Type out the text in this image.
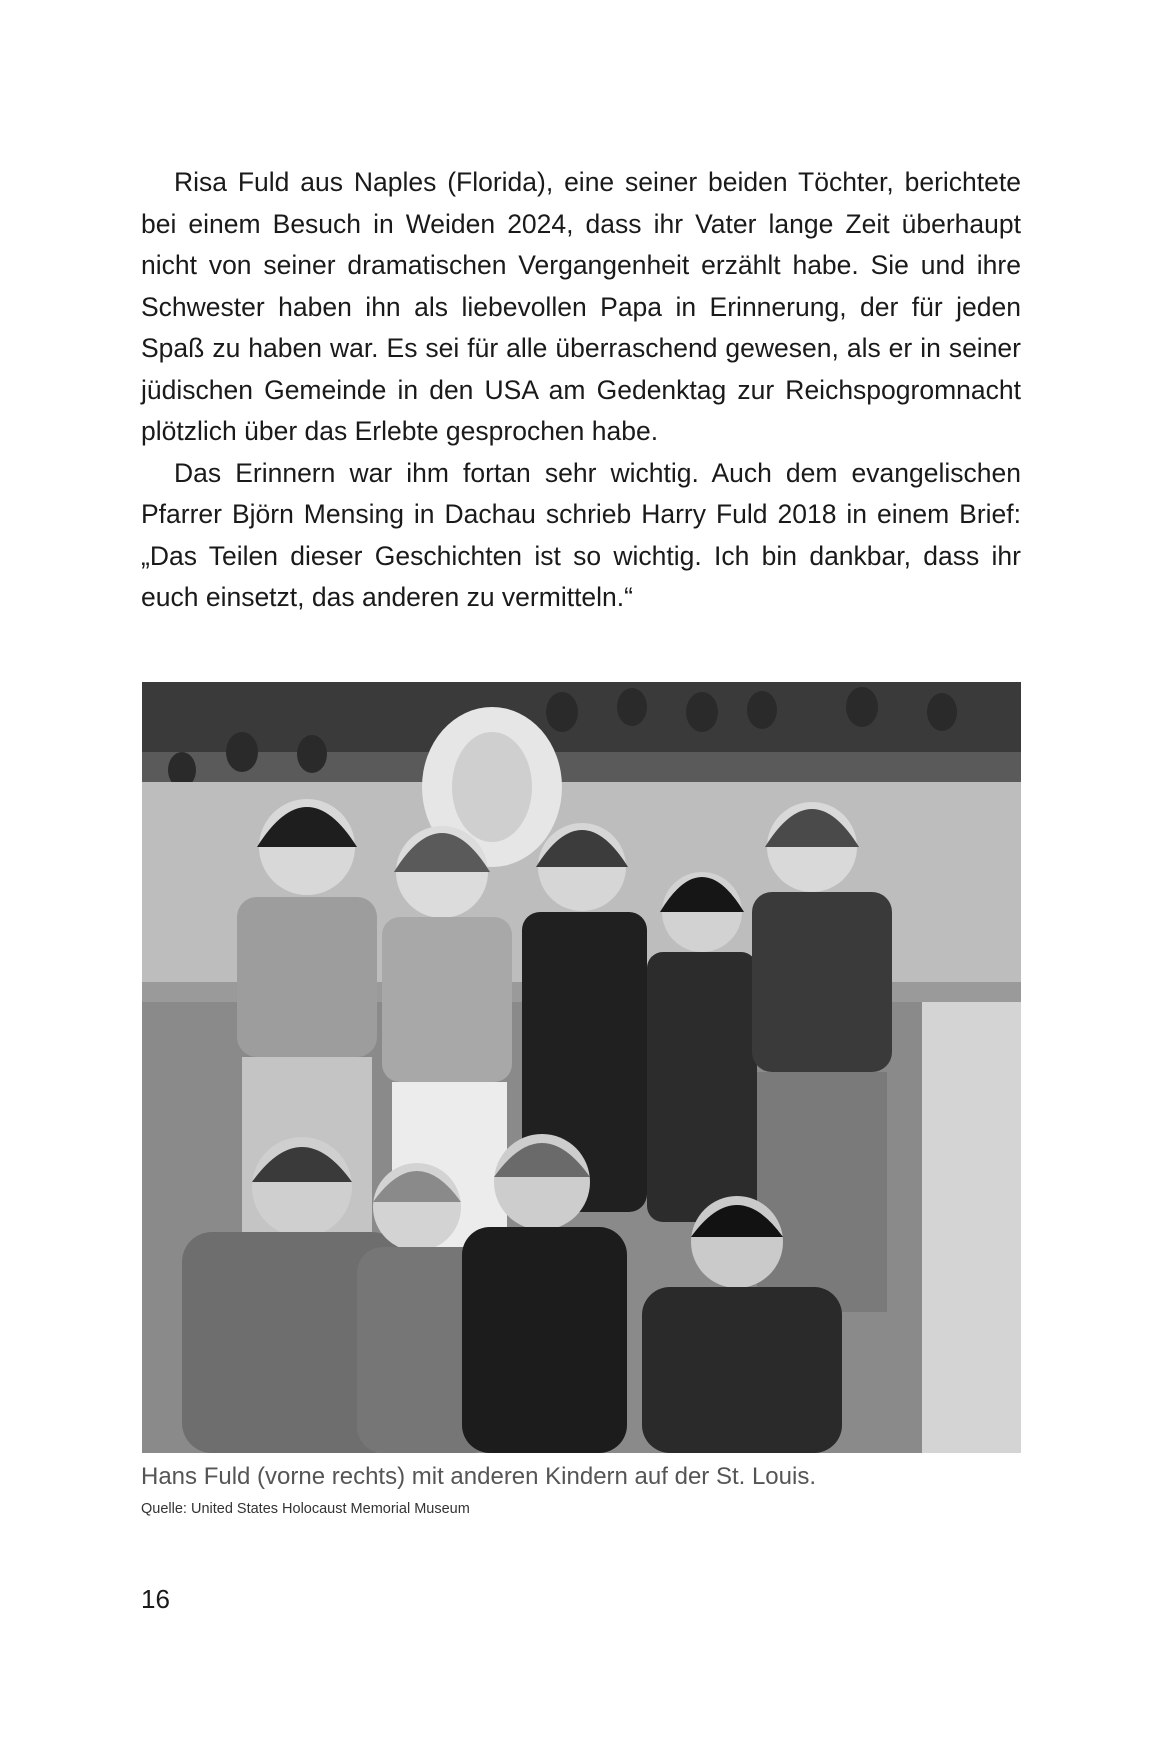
Risa Fuld aus Naples (Florida), eine seiner beiden Töchter, berichtete bei einem Besuch in Weiden 2024, dass ihr Vater lange Zeit überhaupt nicht von seiner dramatischen Vergangenheit erzählt habe. Sie und ihre Schwester haben ihn als liebevollen Papa in Erinnerung, der für jeden Spaß zu haben war. Es sei für alle überraschend gewesen, als er in seiner jüdischen Gemeinde in den USA am Gedenktag zur Reichspogromnacht plötzlich über das Erlebte gesprochen habe.

Das Erinnern war ihm fortan sehr wichtig. Auch dem evangelischen Pfarrer Björn Mensing in Dachau schrieb Harry Fuld 2018 in einem Brief: „Das Teilen dieser Geschichten ist so wichtig. Ich bin dankbar, dass ihr euch einsetzt, das anderen zu vermitteln.“

Hans Fuld (vorne rechts) mit anderen Kindern auf der St. Louis.
Quelle: United States Holocaust Memorial Museum
16
